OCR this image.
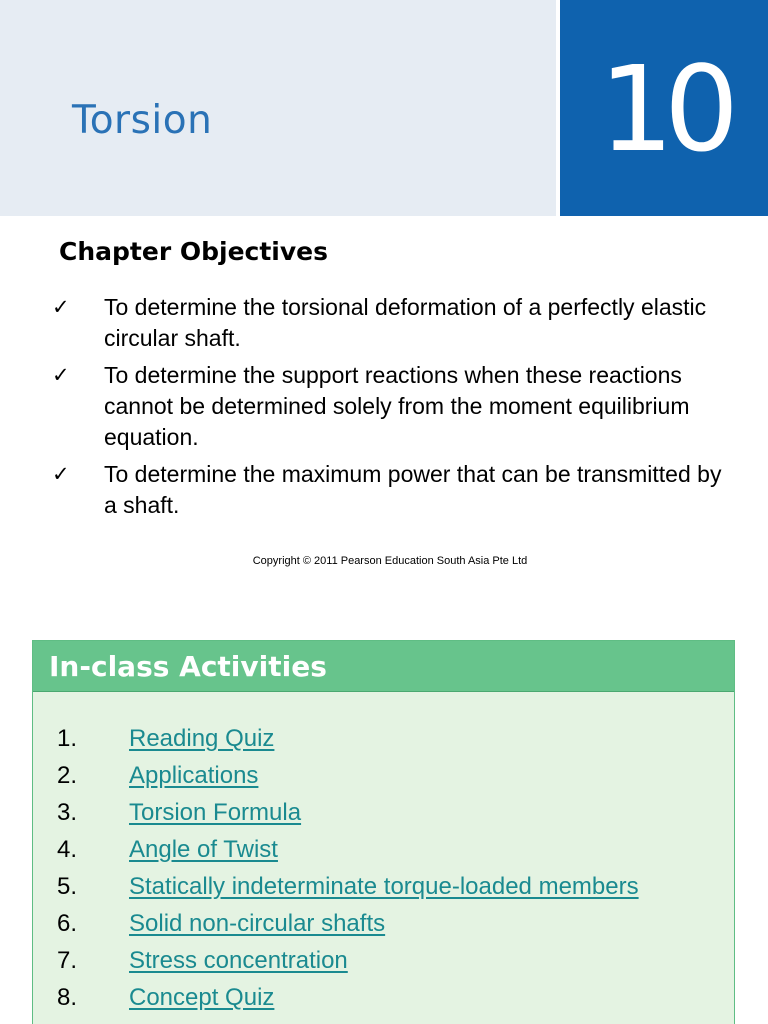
Torsion	10
Chapter Objectives
✓ To determine the torsional deformation of a perfectly elastic circular shaft.
✓ To determine the support reactions when these reactions cannot be determined solely from the moment equilibrium equation.
✓ To determine the maximum power that can be transmitted by a shaft.
Copyright © 2011 Pearson Education South Asia Pte Ltd
In-class Activities
1. Reading Quiz
2. Applications
3. Torsion Formula
4. Angle of Twist
5. Statically indeterminate torque-loaded members
6. Solid non-circular shafts
7. Stress concentration
8. Concept Quiz
